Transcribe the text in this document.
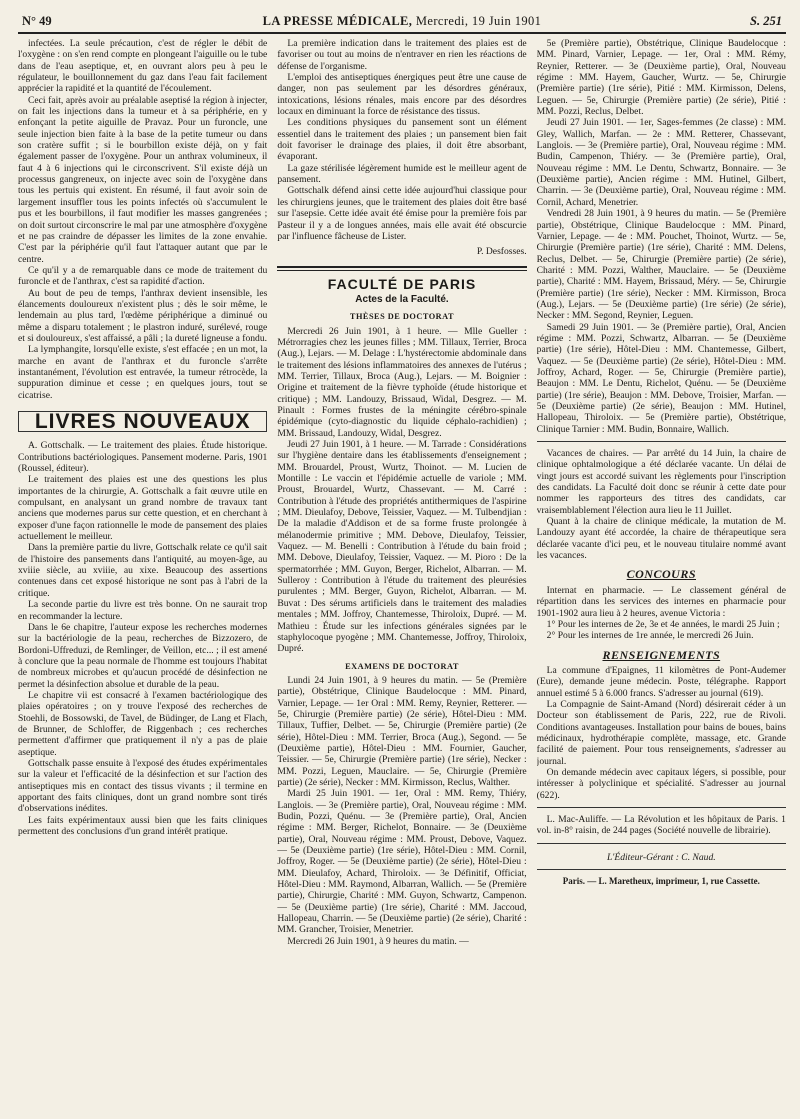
N° 49	LA PRESSE MÉDICALE, Mercredi, 19 Juin 1901	S. 251

infectées. La seule précaution, c'est de régler le débit de l'oxygène : on s'en rend compte en plongeant l'aiguille ou le tube dans de l'eau aseptique, et, en ouvrant alors peu à peu le régulateur, le bouillonnement du gaz dans l'eau fait facilement apprécier la rapidité et la quantité de l'écoulement.

Ceci fait, après avoir au préalable aseptisé la région à injecter, on fait les injections dans la tumeur et à sa périphérie, en y enfonçant la petite aiguille de Pravaz. Pour un furoncle, une seule injection bien faite à la base de la petite tumeur ou dans son cratère suffit ; si le bourbillon existe déjà, on y fait également passer de l'oxygène. Pour un anthrax volumineux, il faut 4 à 6 injections qui le circonscrivent. S'il existe déjà un processus gangreneux, on injecte avec soin de l'oxygène dans tous les pertuis qui existent. En résumé, il faut avoir soin de largement insuffler tous les points infectés où s'accumulent le pus et les bourbillons, il faut modifier les masses gangrenées ; on doit surtout circonscrire le mal par une atmosphère d'oxygène et ne pas craindre de dépasser les limites de la zone envahie. C'est par la périphérie qu'il faut l'attaquer autant que par le centre.

Ce qu'il y a de remarquable dans ce mode de traitement du furoncle et de l'anthrax, c'est sa rapidité d'action.

Au bout de peu de temps, l'anthrax devient insensible, les élancements douloureux n'existent plus ; dès le soir même, le lendemain au plus tard, l'œdème périphérique a diminué ou même a disparu totalement ; le plastron induré, surélevé, rouge et si douloureux, s'est affaissé, a pâli ; la dureté ligneuse a fondu.

La lymphangite, lorsqu'elle existe, s'est effacée ; en un mot, la marche en avant de l'anthrax et du furoncle s'arrête instantanément, l'évolution est entravée, la tumeur rétrocède, la suppuration diminue et cesse ; en quelques jours, tout se cicatrise.

LIVRES NOUVEAUX

A. Gottschalk. — Le traitement des plaies. Étude historique. Contributions bactériologiques. Pansement moderne. Paris, 1901 (Roussel, éditeur).

Le traitement des plaies est une des questions les plus importantes de la chirurgie, A. Gottschalk a fait œuvre utile en compulsant, en analysant un grand nombre de travaux tant anciens que modernes parus sur cette question, et en cherchant à exposer d'une façon rationnelle le mode de pansement des plaies actuellement le meilleur.

Dans la première partie du livre, Gottschalk relate ce qu'il sait de l'histoire des pansements dans l'antiquité, au moyen-âge, au xviiie siècle, au xviiie, au xixe. Beaucoup des assertions contenues dans cet exposé historique ne sont pas à l'abri de la critique.

La seconde partie du livre est très bonne. On ne saurait trop en recommander la lecture.

Dans le 6e chapitre, l'auteur expose les recherches modernes sur la bactériologie de la peau, recherches de Bizzozero, de Bordoni-Uffreduzi, de Remlinger, de Veillon, etc... ; il est amené à conclure que la peau normale de l'homme est toujours l'habitat de nombreux microbes et qu'aucun procédé de désinfection ne permet la désinfection absolue et durable de la peau.

Le chapitre vii est consacré à l'examen bactériologique des plaies opératoires ; on y trouve l'exposé des recherches de Stoehli, de Bossowski, de Tavel, de Büdinger, de Lang et Flach, de Brunner, de Schloffer, de Riggenbach ; ces recherches permettent d'affirmer que pratiquement il n'y a pas de plaie aseptique.

Gottschalk passe ensuite à l'exposé des études expérimentales sur la valeur et l'efficacité de la désinfection et sur l'action des antiseptiques mis en contact des tissus vivants ; il termine en apportant des faits cliniques, dont un grand nombre sont tirés d'observations inédites.

Les faits expérimentaux aussi bien que les faits cliniques permettent des conclusions d'un grand intérêt pratique.

La première indication dans le traitement des plaies est de favoriser ou tout au moins de n'entraver en rien les réactions de défense de l'organisme.

L'emploi des antiseptiques énergiques peut être une cause de danger, non pas seulement par les désordres généraux, intoxications, lésions rénales, mais encore par des désordres locaux en diminuant la force de résistance des tissus.

Les conditions physiques du pansement sont un élément essentiel dans le traitement des plaies ; un pansement bien fait doit favoriser le drainage des plaies, il doit être absorbant, évaporant.

La gaze stérilisée légèrement humide est le meilleur agent de pansement.

Gottschalk défend ainsi cette idée aujourd'hui classique pour les chirurgiens jeunes, que le traitement des plaies doit être basé sur l'asepsie. Cette idée avait été émise pour la première fois par Pasteur il y a de longues années, mais elle avait été obscurcie par l'influence fâcheuse de Lister.

P. Desfosses.
FACULTÉ DE PARIS
Actes de la Faculté.
THÈSES DE DOCTORAT

Mercredi 26 Juin 1901, à 1 heure. — Mlle Gueller : Métrorragies chez les jeunes filles ; MM. Tillaux, Terrier, Broca (Aug.), Lejars. — M. Delage : L'hystérectomie abdominale dans le traitement des lésions inflammatoires des annexes de l'utérus ; MM. Terrier, Tillaux, Broca (Aug.), Lejars. — M. Boignier : Origine et traitement de la fièvre typhoïde (étude historique et critique) ; MM. Landouzy, Brissaud, Widal, Desgrez. — M. Pinault : Formes frustes de la méningite cérébro-spinale épidémique (cyto-diagnostic du liquide céphalo-rachidien) ; MM. Brissaud, Landouzy, Widal, Desgrez.

Jeudi 27 Juin 1901, à 1 heure. — M. Tarrade : Considérations sur l'hygiène dentaire dans les établissements d'enseignement ; MM. Brouardel, Proust, Wurtz, Thoinot. — M. Lucien de Montille : Le vaccin et l'épidémie actuelle de variole ; MM. Proust, Brouardel, Wurtz, Chassevant. — M. Carré : Contribution à l'étude des propriétés antithermiques de l'aspirine ; MM. Dieulafoy, Debove, Teissier, Vaquez. — M. Tulbendjian : De la maladie d'Addison et de sa forme fruste prolongée à mélanodermie primitive ; MM. Debove, Dieulafoy, Teissier, Vaquez. — M. Benelli : Contribution à l'étude du bain froid ; MM. Debove, Dieulafoy, Teissier, Vaquez. — M. Pioro : De la spermatorrhée ; MM. Guyon, Berger, Richelot, Albarran. — M. Sulleroy : Contribution à l'étude du traitement des pleurésies purulentes ; MM. Berger, Guyon, Richelot, Albarran. — M. Buvat : Des sérums artificiels dans le traitement des maladies mentales ; MM. Joffroy, Chantemesse, Thiroloix, Dupré. — M. Mathieu : Étude sur les infections générales signées par le staphylocoque pyogène ; MM. Chantemesse, Joffroy, Thiroloix, Dupré.

EXAMENS DE DOCTORAT

Lundi 24 Juin 1901, à 9 heures du matin. — 5e (Première partie), Obstétrique, Clinique Baudelocque : MM. Pinard, Varnier, Lepage. — 1er Oral : MM. Remy, Reynier, Retterer. — 5e, Chirurgie (Première partie) (2e série), Hôtel-Dieu : MM. Tillaux, Tuffier, Delbet. — 5e, Chirurgie (Première partie) (2e série), Hôtel-Dieu : MM. Terrier, Broca (Aug.), Segond. — 5e (Deuxième partie), Hôtel-Dieu : MM. Fournier, Gaucher, Teissier. — 5e, Chirurgie (Première partie) (1re série), Necker : MM. Pozzi, Leguen, Mauclaire. — 5e, Chirurgie (Première partie) (2e série), Necker : MM. Kirmisson, Reclus, Walther.

Mardi 25 Juin 1901. — 1er, Oral : MM. Remy, Thiéry, Langlois. — 3e (Première partie), Oral, Nouveau régime : MM. Budin, Pozzi, Quénu. — 3e (Première partie), Oral, Ancien régime : MM. Berger, Richelot, Bonnaire. — 3e (Deuxième partie), Oral, Nouveau régime : MM. Proust, Debove, Vaquez. — 5e (Deuxième partie) (1re série), Hôtel-Dieu : MM. Cornil, Joffroy, Roger. — 5e (Deuxième partie) (2e série), Hôtel-Dieu : MM. Dieulafoy, Achard, Thiroloix. — 3e Définitif, Officiat, Hôtel-Dieu : MM. Raymond, Albarran, Wallich. — 5e (Première partie), Chirurgie, Charité : MM. Guyon, Schwartz, Campenon. — 5e (Deuxième partie) (1re série), Charité : MM. Jaccoud, Hallopeau, Charrin. — 5e (Deuxième partie) (2e série), Charité : MM. Grancher, Troisier, Menetrier.

Mercredi 26 Juin 1901, à 9 heures du matin. —

5e (Première partie), Obstétrique, Clinique Baudelocque : MM. Pinard, Varnier, Lepage. — 1er, Oral : MM. Rémy, Reynier, Retterer. — 3e (Deuxième partie), Oral, Nouveau régime : MM. Hayem, Gaucher, Wurtz. — 5e, Chirurgie (Première partie) (1re série), Pitié : MM. Kirmisson, Delens, Leguen. — 5e, Chirurgie (Première partie) (2e série), Pitié : MM. Pozzi, Reclus, Delbet.

Jeudi 27 Juin 1901. — 1er, Sages-femmes (2e classe) : MM. Gley, Wallich, Marfan. — 2e : MM. Retterer, Chassevant, Langlois. — 3e (Première partie), Oral, Nouveau régime : MM. Budin, Campenon, Thiéry. — 3e (Première partie), Oral, Nouveau régime : MM. Le Dentu, Schwartz, Bonnaire. — 3e (Deuxième partie), Ancien régime : MM. Hutinel, Gilbert, Charrin. — 3e (Deuxième partie), Oral, Nouveau régime : MM. Cornil, Achard, Menetrier.

Vendredi 28 Juin 1901, à 9 heures du matin. — 5e (Première partie), Obstétrique, Clinique Baudelocque : MM. Pinard, Varnier, Lepage. — 4e : MM. Pouchet, Thoinot, Wurtz. — 5e, Chirurgie (Première partie) (1re série), Charité : MM. Delens, Reclus, Delbet. — 5e, Chirurgie (Première partie) (2e série), Charité : MM. Pozzi, Walther, Mauclaire. — 5e (Deuxième partie), Charité : MM. Hayem, Brissaud, Méry. — 5e, Chirurgie (Première partie) (1re série), Necker : MM. Kirmisson, Broca (Aug.), Lejars. — 5e (Deuxième partie) (1re série) (2e série), Necker : MM. Segond, Reynier, Leguen.

Samedi 29 Juin 1901. — 3e (Première partie), Oral, Ancien régime : MM. Pozzi, Schwartz, Albarran. — 5e (Deuxième partie) (1re série), Hôtel-Dieu : MM. Chantemesse, Gilbert, Vaquez. — 5e (Deuxième partie) (2e série), Hôtel-Dieu : MM. Joffroy, Achard, Roger. — 5e, Chirurgie (Première partie), Beaujon : MM. Le Dentu, Richelot, Quénu. — 5e (Deuxième partie) (1re série), Beaujon : MM. Debove, Troisier, Marfan. — 5e (Deuxième partie) (2e série), Beaujon : MM. Hutinel, Hallopeau, Thiroloix. — 5e (Première partie), Obstétrique, Clinique Tarnier : MM. Budin, Bonnaire, Wallich.

Vacances de chaires. — Par arrêté du 14 Juin, la chaire de clinique ophtalmologique a été déclarée vacante. Un délai de vingt jours est accordé suivant les règlements pour l'inscription des candidats. La Faculté doit donc se réunir à cette date pour nommer les rapporteurs des titres des candidats, car vraisemblablement l'élection aura lieu le 11 Juillet.

Quant à la chaire de clinique médicale, la mutation de M. Landouzy ayant été accordée, la chaire de thérapeutique sera déclarée vacante d'ici peu, et le nouveau titulaire nommé avant les vacances.

CONCOURS

Internat en pharmacie. — Le classement général de répartition dans les services des internes en pharmacie pour 1901-1902 aura lieu à 2 heures, avenue Victoria :

1° Pour les internes de 2e, 3e et 4e années, le mardi 25 Juin ;

2° Pour les internes de 1re année, le mercredi 26 Juin.

RENSEIGNEMENTS

La commune d'Epaignes, 11 kilomètres de Pont-Audemer (Eure), demande jeune médecin. Poste, télégraphe. Rapport annuel estimé 5 à 6.000 francs. S'adresser au journal (619).

La Compagnie de Saint-Amand (Nord) désirerait céder à un Docteur son établissement de Paris, 222, rue de Rivoli. Conditions avantageuses. Installation pour bains de boues, bains médicinaux, hydrothérapie complète, massage, etc. Grande facilité de paiement. Pour tous renseignements, s'adresser au journal.

On demande médecin avec capitaux légers, si possible, pour intéresser à polyclinique et spécialité. S'adresser au journal (622).

L. Mac-Auliffe. — La Révolution et les hôpitaux de Paris. 1 vol. in-8° raisin, de 244 pages (Société nouvelle de librairie).

L'Éditeur-Gérant : C. Naud.
Paris. — L. Maretheux, imprimeur, 1, rue Cassette.
